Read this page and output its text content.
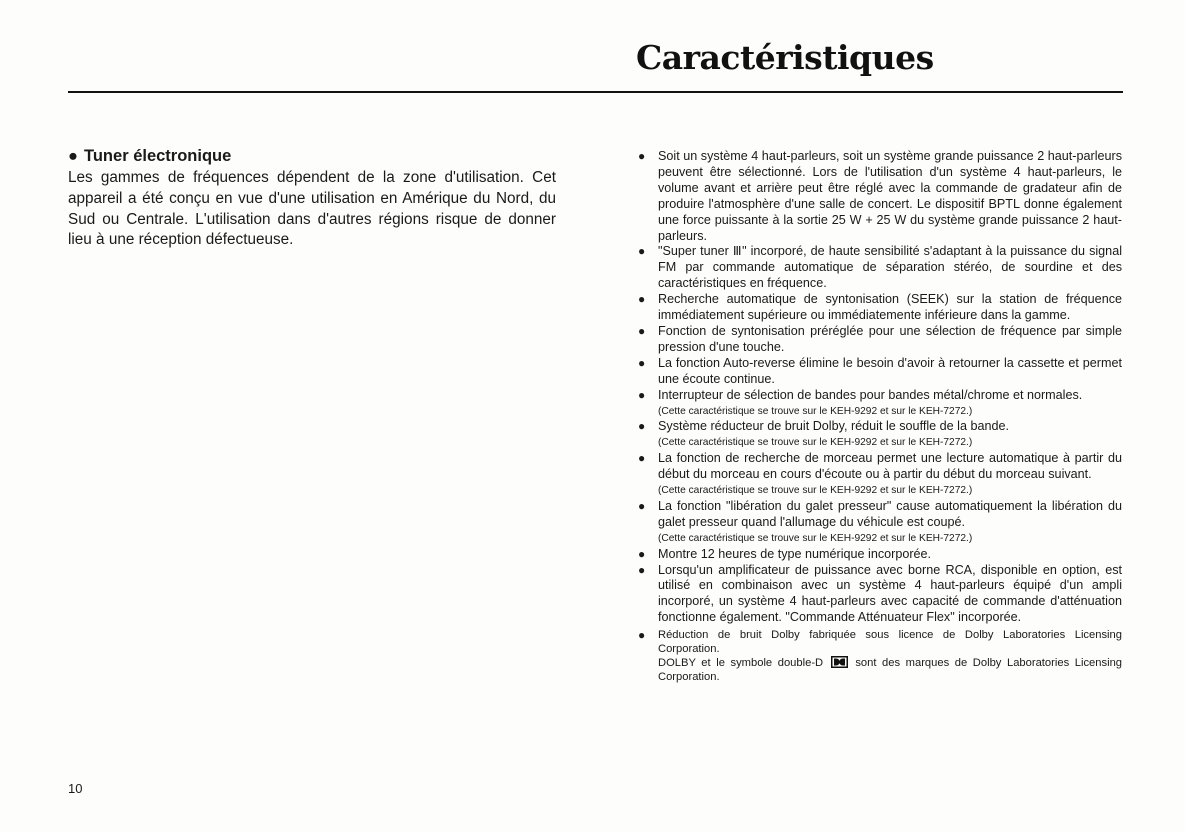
Caractéristiques
● Tuner électronique

Les gammes de fréquences dépendent de la zone d'utilisation. Cet appareil a été conçu en vue d'une utilisation en Amérique du Nord, du Sud ou Centrale. L'utilisation dans d'autres régions risque de donner lieu à une réception défectueuse.

● Soit un système 4 haut-parleurs, soit un système grande puissance 2 haut-parleurs peuvent être sélectionné. Lors de l'utilisation d'un système 4 haut-parleurs, le volume avant et arrière peut être réglé avec la commande de gradateur afin de produire l'atmosphère d'une salle de concert. Le dispositif BPTL donne également une force puissante à la sortie 25 W + 25 W du système grande puissance 2 haut-parleurs.
● "Super tuner Ⅲ" incorporé, de haute sensibilité s'adaptant à la puissance du signal FM par commande automatique de séparation stéréo, de sourdine et des caractéristiques en fréquence.
● Recherche automatique de syntonisation (SEEK) sur la station de fréquence immédiatement supérieure ou immédiatemente inférieure dans la gamme.
● Fonction de syntonisation préréglée pour une sélection de fréquence par simple pression d'une touche.
● La fonction Auto-reverse élimine le besoin d'avoir à retourner la cassette et permet une écoute continue.
● Interrupteur de sélection de bandes pour bandes métal/chrome et normales.
(Cette caractéristique se trouve sur le KEH-9292 et sur le KEH-7272.)
● Système réducteur de bruit Dolby, réduit le souffle de la bande.
(Cette caractéristique se trouve sur le KEH-9292 et sur le KEH-7272.)
● La fonction de recherche de morceau permet une lecture automatique à partir du début du morceau en cours d'écoute ou à partir du début du morceau suivant.
(Cette caractéristique se trouve sur le KEH-9292 et sur le KEH-7272.)
● La fonction "libération du galet presseur" cause automatiquement la libération du galet presseur quand l'allumage du véhicule est coupé.
(Cette caractéristique se trouve sur le KEH-9292 et sur le KEH-7272.)
● Montre 12 heures de type numérique incorporée.
● Lorsqu'un amplificateur de puissance avec borne RCA, disponible en option, est utilisé en combinaison avec un système 4 haut-parleurs équipé d'un ampli incorporé, un système 4 haut-parleurs avec capacité de commande d'atténuation fonctionne également. "Commande Atténuateur Flex" incorporée.
● Réduction de bruit Dolby fabriquée sous licence de Dolby Laboratories Licensing Corporation.
DOLBY et le symbole double-D	sont des marques de Dolby Laboratories Licensing Corporation.
10
